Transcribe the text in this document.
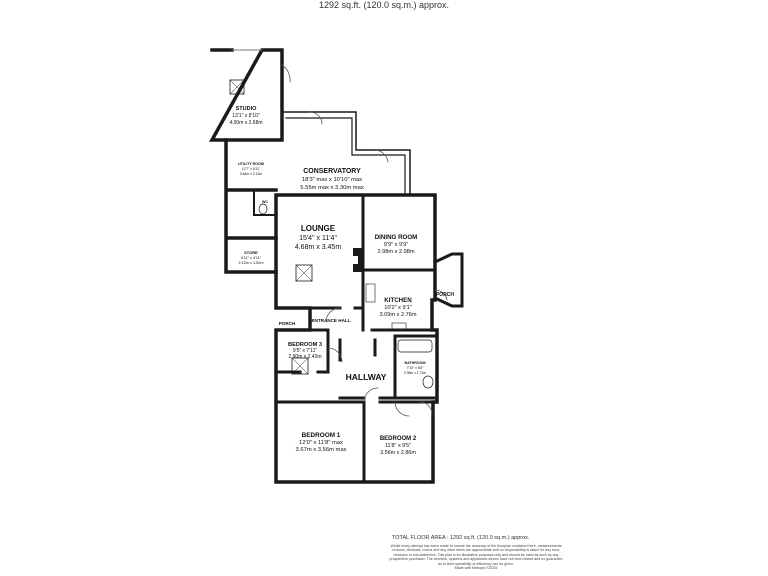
1292 sq.ft. (120.0 sq.m.) approx.
STUDIO
13'1" x 8'10"
4.00m x 2.68m
UTILITY ROOM
12'7" x 6'11"
3.84m x 2.12m
WC
STORE
6'11" x 4'11"
2.12m x 1.50m
CONSERVATORY
18'3" max x 10'10" max
5.55m max x 3.30m max
LOUNGE
15'4" x 11'4"
4.68m x 3.45m
DINING ROOM
9'9" x 9'9"
2.98m x 2.98m
KITCHEN
10'2" x 9'1"
3.09m x 2.76m
PORCH
PORCH
ENTRANCE HALL
BEDROOM 3
9'5" x 7'11"
2.90m x 2.42m
HALLWAY
BATHROOM
7'10" x 5'8"
2.38m x 1.72m
BEDROOM 1
12'0" x 11'8" max
3.67m x 3.56m max
BEDROOM 2
11'8" x 9'5"
3.56m x 2.86m
TOTAL FLOOR AREA : 1292 sq.ft. (120.0 sq.m.) approx.
Whilst every attempt has been made to ensure the accuracy of the floorplan contained here, measurements
of doors, windows, rooms and any other items are approximate and no responsibility is taken for any error,
omission or mis-statement. This plan is for illustrative purposes only and should be used as such by any
prospective purchaser. The services, systems and appliances shown have not been tested and no guarantee
as to their operability or efficiency can be given.
Made with Metropix ©2025
